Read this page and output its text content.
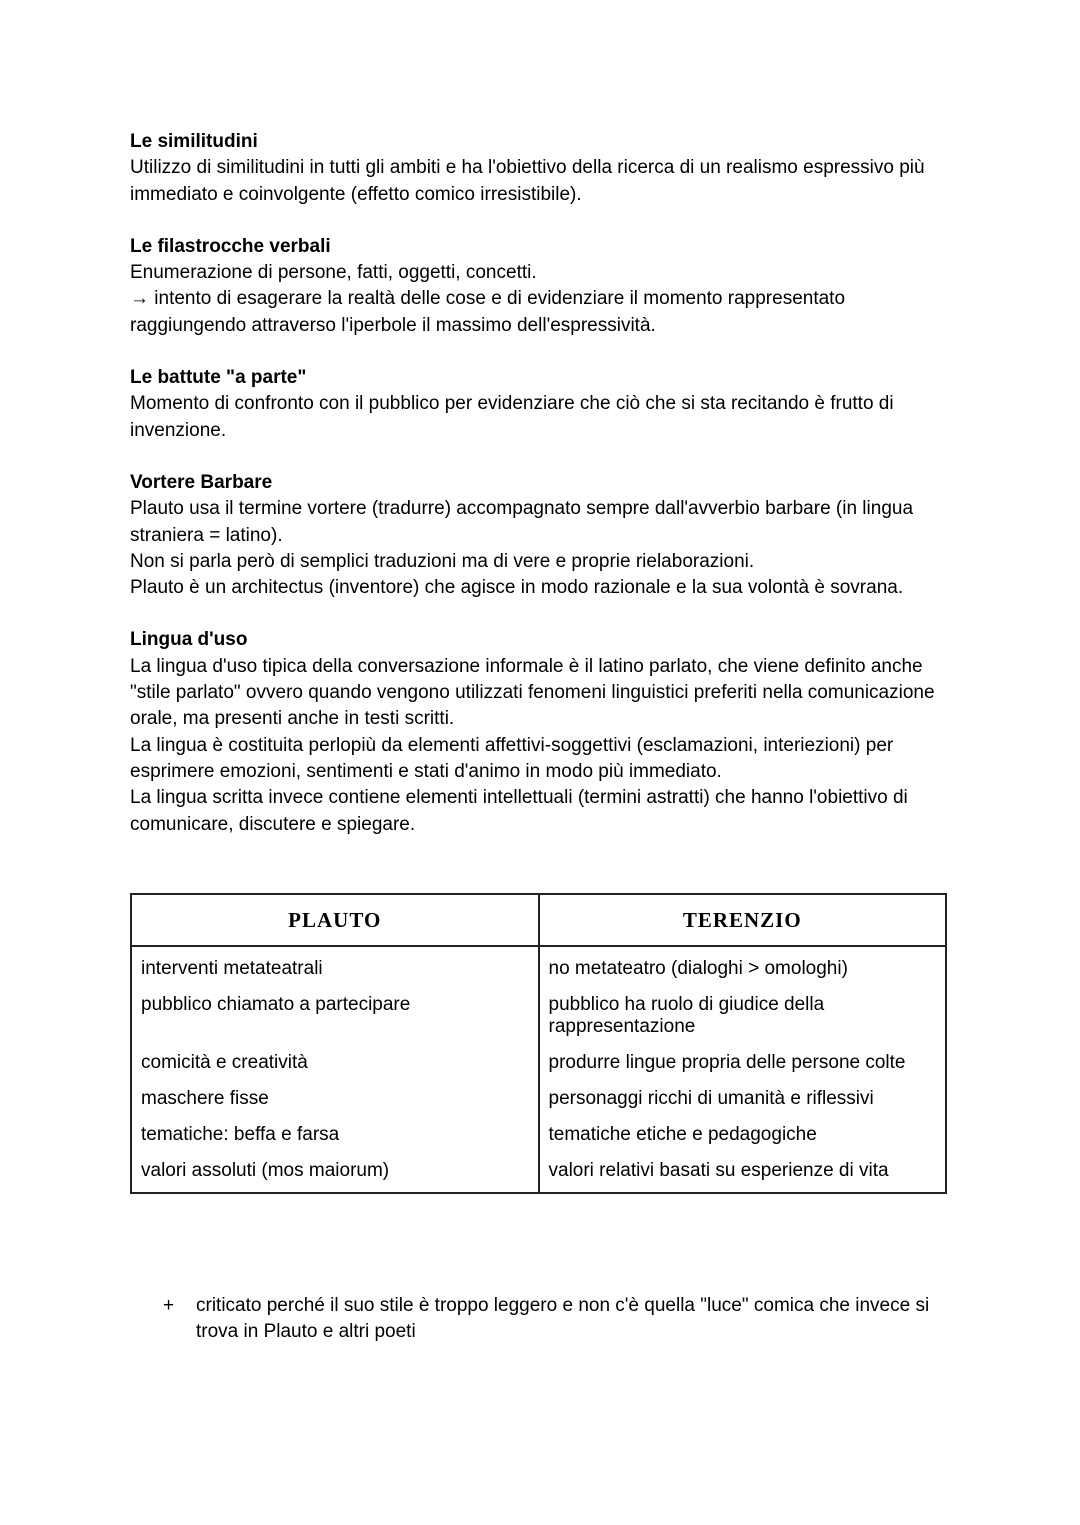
Le similitudini

Utilizzo di similitudini in tutti gli ambiti e ha l'obiettivo della ricerca di un realismo espressivo più immediato e coinvolgente (effetto comico irresistibile).

Le filastrocche verbali

Enumerazione di persone, fatti, oggetti, concetti.

→ intento di esagerare la realtà delle cose e di evidenziare il momento rappresentato raggiungendo attraverso l'iperbole il massimo dell'espressività.

Le battute "a parte"

Momento di confronto con il pubblico per evidenziare che ciò che si sta recitando è frutto di invenzione.

Vortere Barbare

Plauto usa il termine vortere (tradurre) accompagnato sempre dall'avverbio barbare (in lingua straniera = latino).

Non si parla però di semplici traduzioni ma di vere e proprie rielaborazioni.

Plauto è un architectus (inventore) che agisce in modo razionale e la sua volontà è sovrana.

Lingua d'uso

La lingua d'uso tipica della conversazione informale è il latino parlato, che viene definito anche "stile parlato" ovvero quando vengono utilizzati fenomeni linguistici preferiti nella comunicazione orale, ma presenti anche in testi scritti.

La lingua è costituita perlopiù da elementi affettivi-soggettivi (esclamazioni, interiezioni) per esprimere emozioni, sentimenti e stati d'animo in modo più immediato.

La lingua scritta invece contiene elementi intellettuali (termini astratti) che hanno l'obiettivo di comunicare, discutere e spiegare.

PLAUTO	TERENZIO
interventi metateatrali	no metateatro (dialoghi > omologhi)
pubblico chiamato a partecipare	pubblico ha ruolo di giudice della rappresentazione
comicità e creatività	produrre lingue propria delle persone colte
maschere fisse	personaggi ricchi di umanità e riflessivi
tematiche: beffa e farsa	tematiche etiche e pedagogiche
valori assoluti (mos maiorum)	valori relativi basati su esperienze di vita
+ criticato perché il suo stile è troppo leggero e non c'è quella "luce" comica che invece si trova in Plauto e altri poeti
